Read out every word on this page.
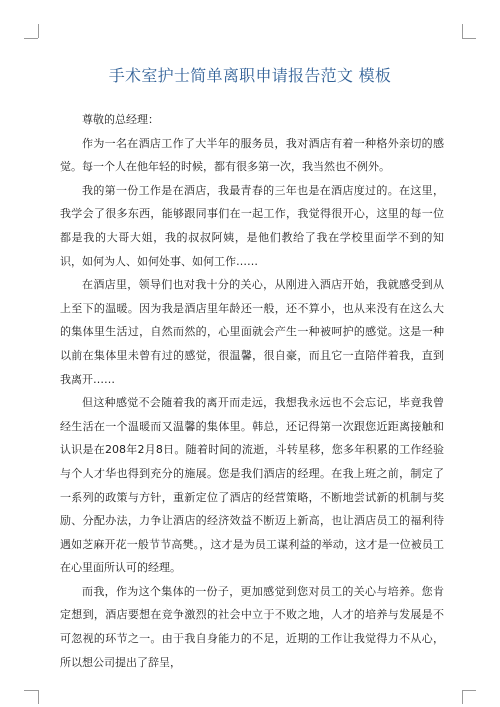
手术室护士简单离职申请报告范文 模板

尊敬的总经理：

作为一名在酒店工作了大半年的服务员，我对酒店有着一种格外亲切的感觉。每一个人在他年轻的时候，都有很多第一次，我当然也不例外。

我的第一份工作是在酒店，我最青春的三年也是在酒店度过的。在这里，我学会了很多东西，能够跟同事们在一起工作，我觉得很开心，这里的每一位都是我的大哥大姐，我的叔叔阿姨，是他们教给了我在学校里面学不到的知识，如何为人、如何处事、如何工作……

在酒店里，领导们也对我十分的关心，从刚进入酒店开始，我就感受到从上至下的温暖。因为我是酒店里年龄还一般，还不算小，也从来没有在这么大的集体里生活过，自然而然的，心里面就会产生一种被呵护的感觉。这是一种以前在集体里未曾有过的感觉，很温馨，很自豪，而且它一直陪伴着我，直到我离开……

但这种感觉不会随着我的离开而走远，我想我永远也不会忘记，毕竟我曾经生活在一个温暖而又温馨的集体里。韩总，还记得第一次跟您近距离接触和认识是在208年2月8日。随着时间的流逝，斗转星移，您多年积累的工作经验与个人才华也得到充分的施展。您是我们酒店的经理。在我上班之前，制定了一系列的政策与方针，重新定位了酒店的经营策略，不断地尝试新的机制与奖励、分配办法，力争让酒店的经济效益不断迈上新高，也让酒店员工的福利待遇如芝麻开花一般节节高樊。，这才是为员工谋利益的举动，这才是一位被员工在心里面所认可的经理。

而我，作为这个集体的一份子，更加感觉到您对员工的关心与培养。您肯定想到，酒店要想在竞争激烈的社会中立于不败之地，人才的培养与发展是不可忽视的环节之一。由于我自身能力的不足，近期的工作让我觉得力不从心，所以想公司提出了辞呈，
